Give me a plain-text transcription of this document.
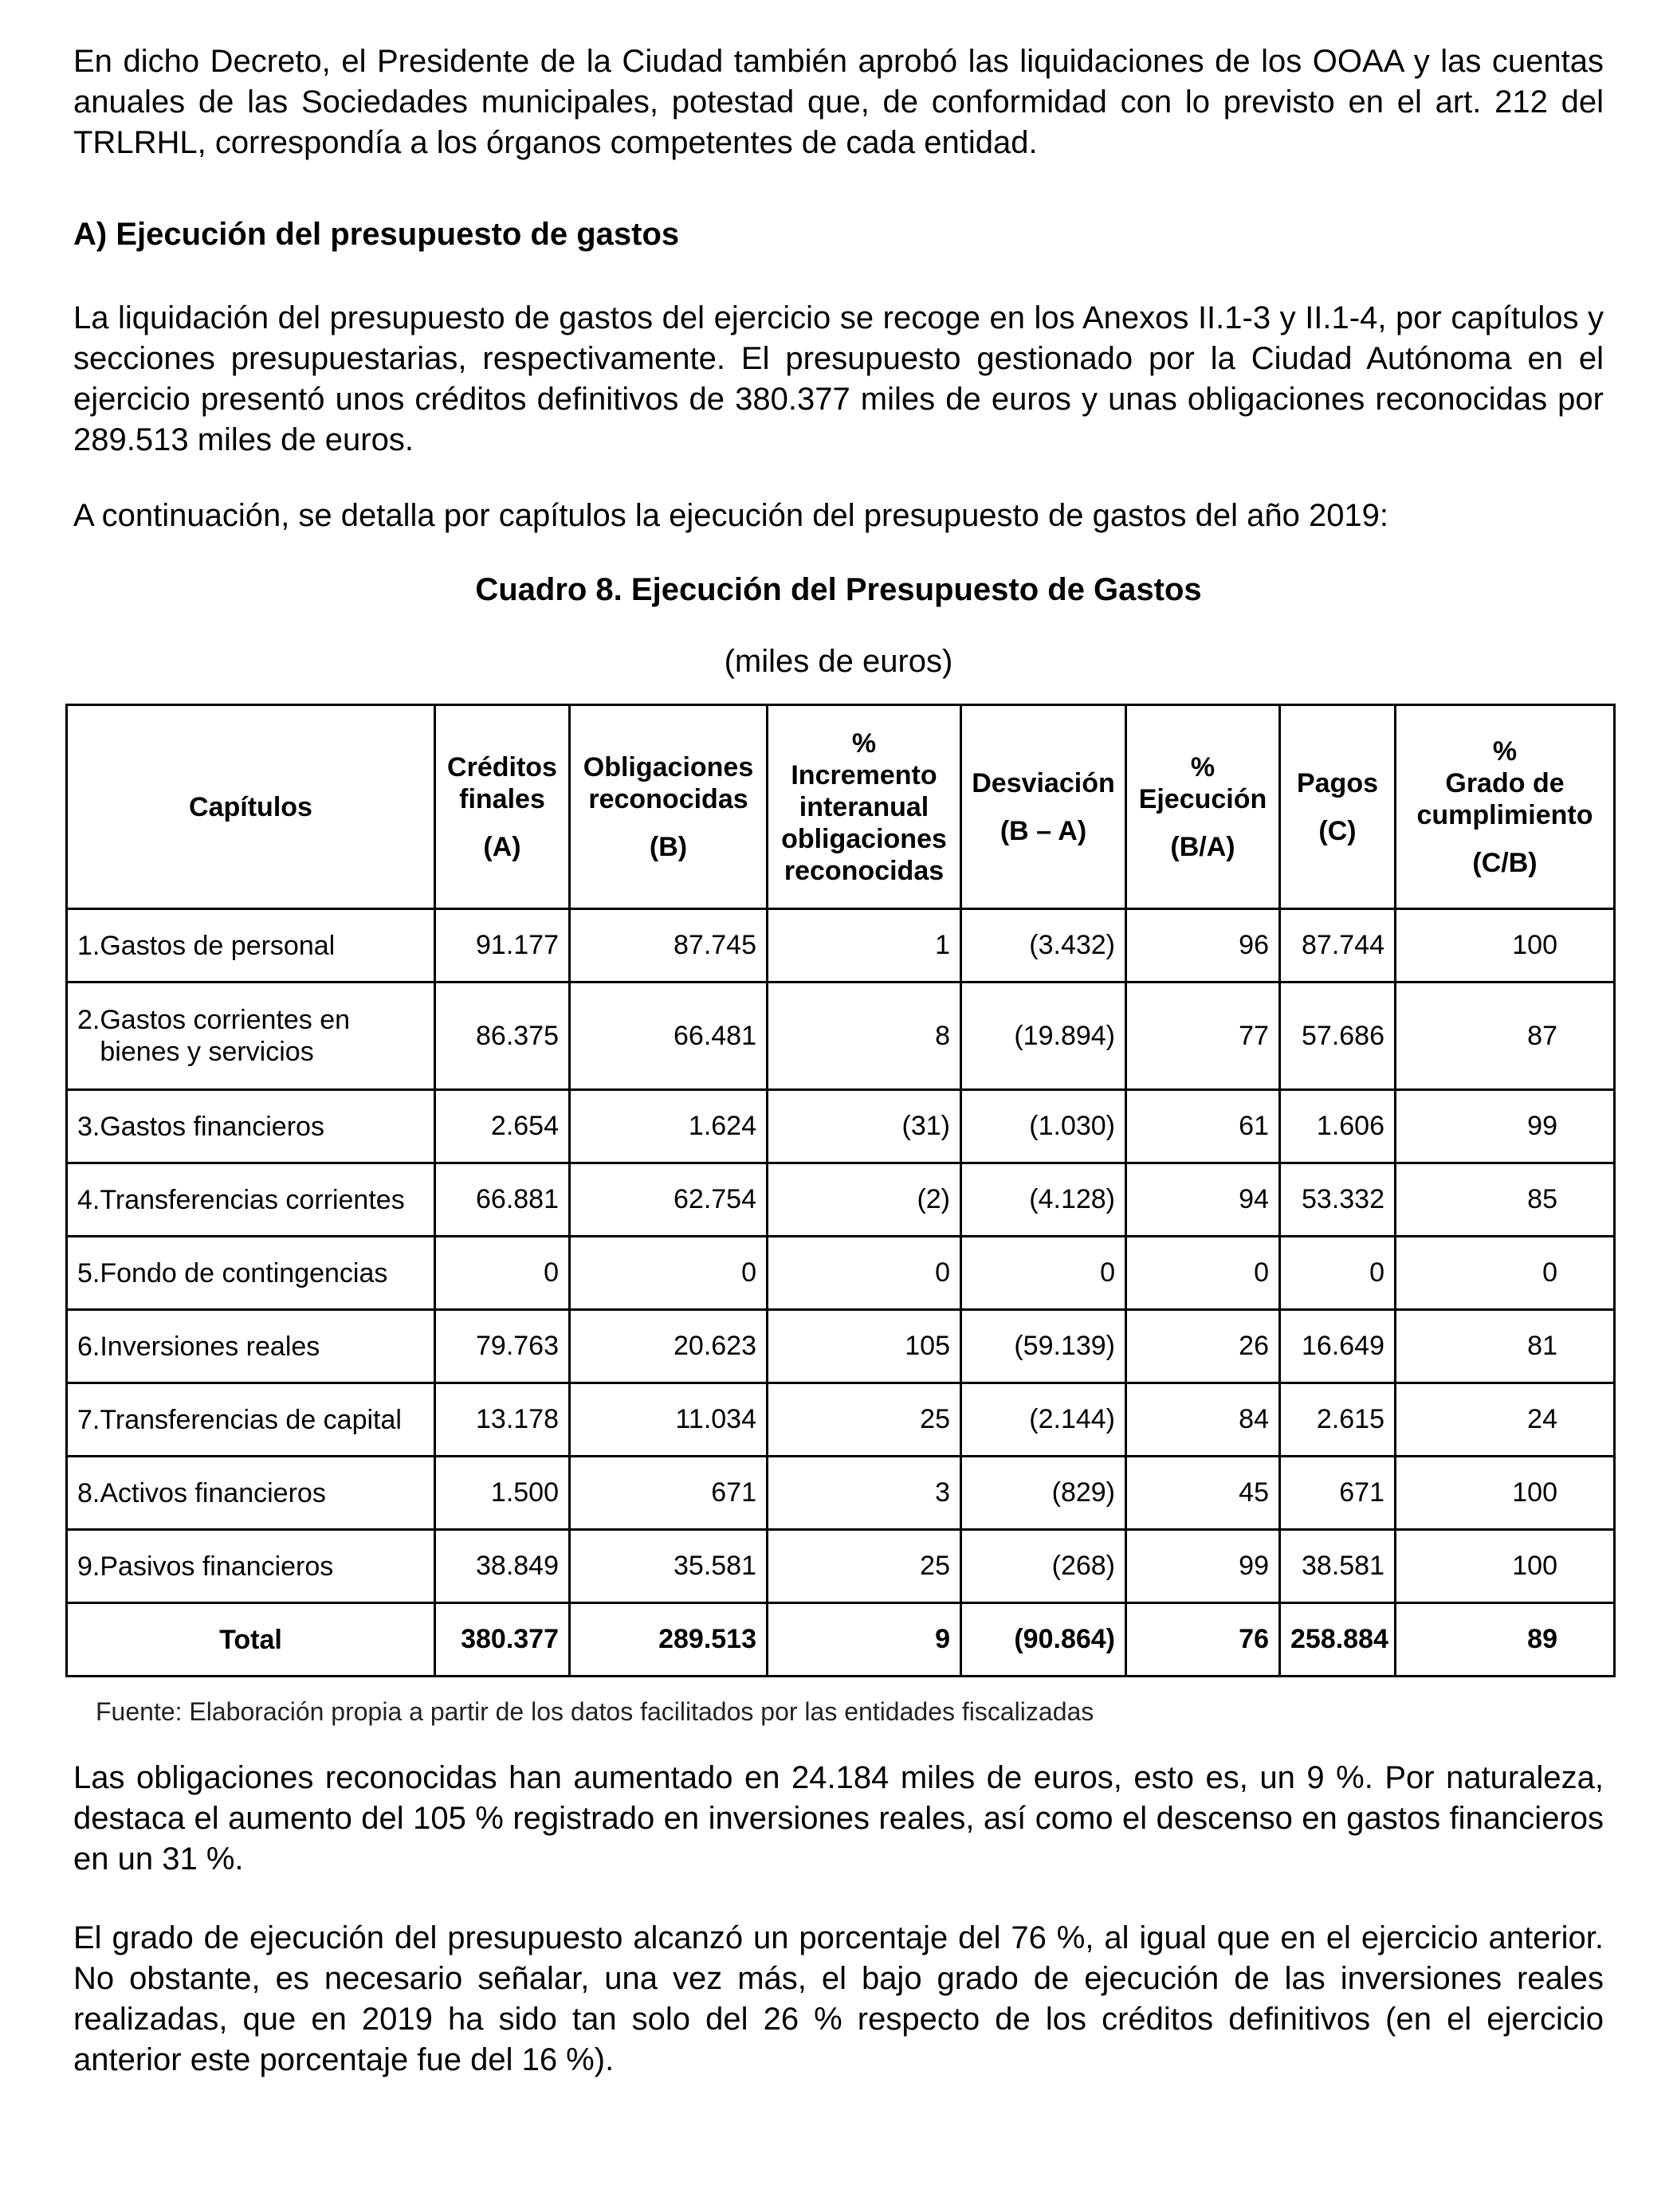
En dicho Decreto, el Presidente de la Ciudad también aprobó las liquidaciones de los OOAA y las cuentas anuales de las Sociedades municipales, potestad que, de conformidad con lo previsto en el art. 212 del TRLRHL, correspondía a los órganos competentes de cada entidad.

A) Ejecución del presupuesto de gastos

La liquidación del presupuesto de gastos del ejercicio se recoge en los Anexos II.1-3 y II.1-4, por capítulos y secciones presupuestarias, respectivamente. El presupuesto gestionado por la Ciudad Autónoma en el ejercicio presentó unos créditos definitivos de 380.377 miles de euros y unas obligaciones reconocidas por 289.513 miles de euros.

A continuación, se detalla por capítulos la ejecución del presupuesto de gastos del año 2019:

Cuadro 8. Ejecución del Presupuesto de Gastos
(miles de euros)
Capítulos	Créditos
finales
(A)	Obligaciones
reconocidas
(B)	%
Incremento
interanual
obligaciones
reconocidas	Desviación
(B – A)	%
Ejecución
(B/A)	Pagos
(C)	%
Grado de
cumplimiento
(C/B)

1. Gastos de personal	91.177	87.745	1	(3.432)	96	87.744	100

2. Gastos corrientes en bienes y servicios	86.375	66.481	8	(19.894)	77	57.686	87

3. Gastos financieros	2.654	1.624	(31)	(1.030)	61	1.606	99

4. Transferencias corrientes	66.881	62.754	(2)	(4.128)	94	53.332	85

5. Fondo de contingencias	0	0	0	0	0	0	0

6. Inversiones reales	79.763	20.623	105	(59.139)	26	16.649	81

7. Transferencias de capital	13.178	11.034	25	(2.144)	84	2.615	24

8. Activos financieros	1.500	671	3	(829)	45	671	100

9. Pasivos financieros	38.849	35.581	25	(268)	99	38.581	100
Total	380.377	289.513	9	(90.864)	76	258.884	89
Fuente: Elaboración propia a partir de los datos facilitados por las entidades fiscalizadas

Las obligaciones reconocidas han aumentado en 24.184 miles de euros, esto es, un 9 %. Por naturaleza, destaca el aumento del 105 % registrado en inversiones reales, así como el descenso en gastos financieros en un 31 %.

El grado de ejecución del presupuesto alcanzó un porcentaje del 76 %, al igual que en el ejercicio anterior. No obstante, es necesario señalar, una vez más, el bajo grado de ejecución de las inversiones reales realizadas, que en 2019 ha sido tan solo del 26 % respecto de los créditos definitivos (en el ejercicio anterior este porcentaje fue del 16 %).
